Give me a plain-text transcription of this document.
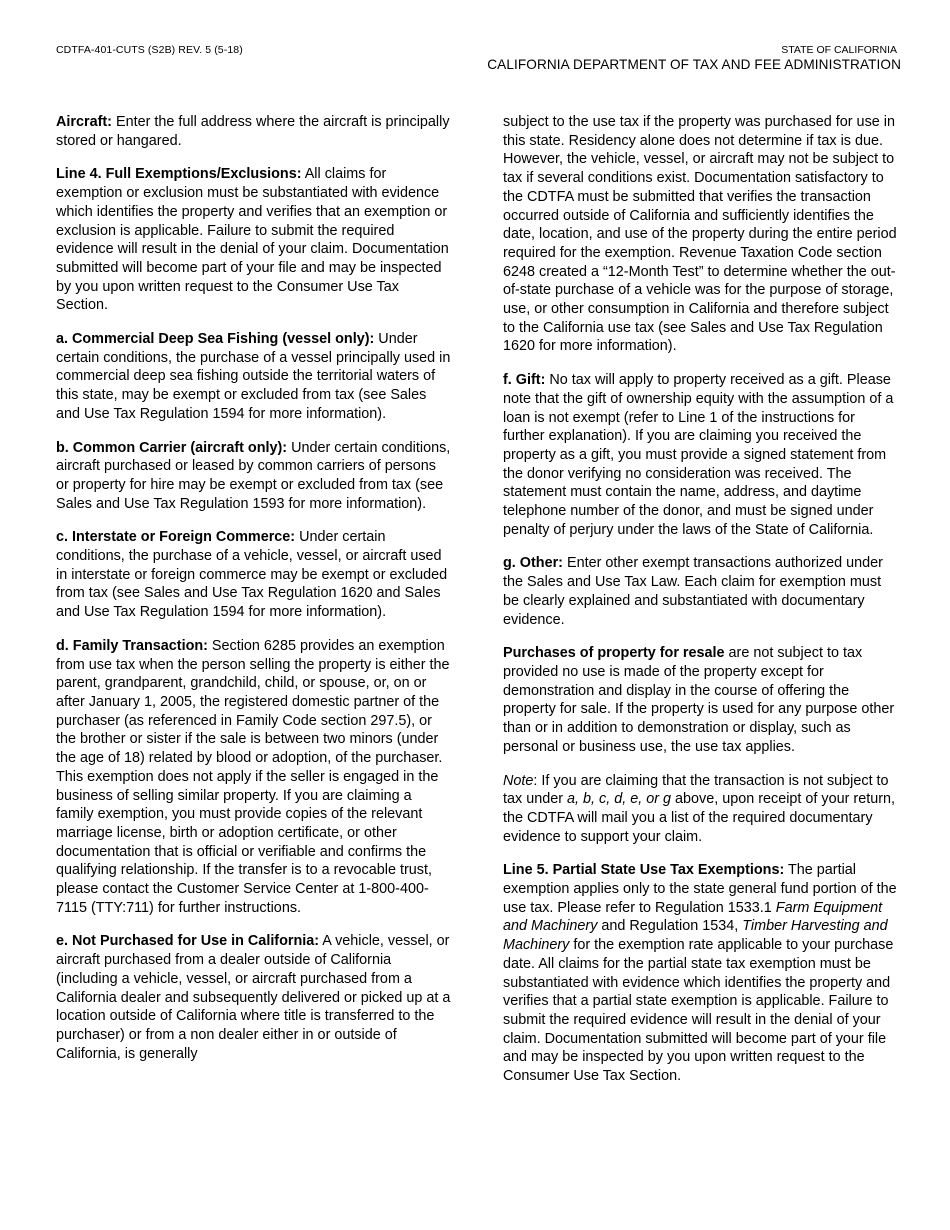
CDTFA-401-CUTS (S2B) REV. 5 (5-18)	STATE OF CALIFORNIA
CALIFORNIA DEPARTMENT OF TAX AND FEE ADMINISTRATION

Aircraft: Enter the full address where the aircraft is principally stored or hangared.

Line 4. Full Exemptions/Exclusions: All claims for exemption or exclusion must be substantiated with evidence which identifies the property and verifies that an exemption or exclusion is applicable. Failure to submit the required evidence will result in the denial of your claim. Documentation submitted will become part of your file and may be inspected by you upon written request to the Consumer Use Tax Section.

a. Commercial Deep Sea Fishing (vessel only): Under certain conditions, the purchase of a vessel principally used in commercial deep sea fishing outside the territorial waters of this state, may be exempt or excluded from tax (see Sales and Use Tax Regulation 1594 for more information).

b. Common Carrier (aircraft only): Under certain conditions, aircraft purchased or leased by common carriers of persons or property for hire may be exempt or excluded from tax (see Sales and Use Tax Regulation 1593 for more information).

c. Interstate or Foreign Commerce: Under certain conditions, the purchase of a vehicle, vessel, or aircraft used in interstate or foreign commerce may be exempt or excluded from tax (see Sales and Use Tax Regulation 1620 and Sales and Use Tax Regulation 1594 for more information).

d. Family Transaction: Section 6285 provides an exemption from use tax when the person selling the property is either the parent, grandparent, grandchild, child, or spouse, or, on or after January 1, 2005, the registered domestic partner of the purchaser (as referenced in Family Code section 297.5), or the brother or sister if the sale is between two minors (under the age of 18) related by blood or adoption, of the purchaser. This exemption does not apply if the seller is engaged in the business of selling similar property. If you are claiming a family exemption, you must provide copies of the relevant marriage license, birth or adoption certificate, or other documentation that is official or verifiable and confirms the qualifying relationship. If the transfer is to a revocable trust, please contact the Customer Service Center at 1-800-400-7115 (TTY:711) for further instructions.

e. Not Purchased for Use in California: A vehicle, vessel, or aircraft purchased from a dealer outside of California (including a vehicle, vessel, or aircraft purchased from a California dealer and subsequently delivered or picked up at a location outside of California where title is transferred to the purchaser) or from a non dealer either in or outside of California, is generally

subject to the use tax if the property was purchased for use in this state. Residency alone does not determine if tax is due. However, the vehicle, vessel, or aircraft may not be subject to tax if several conditions exist. Documentation satisfactory to the CDTFA must be submitted that verifies the transaction occurred outside of California and sufficiently identifies the date, location, and use of the property during the entire period required for the exemption. Revenue Taxation Code section 6248 created a “12-Month Test” to determine whether the out-of-state purchase of a vehicle was for the purpose of storage, use, or other consumption in California and therefore subject to the California use tax (see Sales and Use Tax Regulation 1620 for more information).

f. Gift: No tax will apply to property received as a gift. Please note that the gift of ownership equity with the assumption of a loan is not exempt (refer to Line 1 of the instructions for further explanation). If you are claiming you received the property as a gift, you must provide a signed statement from the donor verifying no consideration was received. The statement must contain the name, address, and daytime telephone number of the donor, and must be signed under penalty of perjury under the laws of the State of California.

g. Other: Enter other exempt transactions authorized under the Sales and Use Tax Law. Each claim for exemption must be clearly explained and substantiated with documentary evidence.

Purchases of property for resale are not subject to tax provided no use is made of the property except for demonstration and display in the course of offering the property for sale. If the property is used for any purpose other than or in addition to demonstration or display, such as personal or business use, the use tax applies.

Note: If you are claiming that the transaction is not subject to tax under a, b, c, d, e, or g above, upon receipt of your return, the CDTFA will mail you a list of the required documentary evidence to support your claim.

Line 5. Partial State Use Tax Exemptions: The partial exemption applies only to the state general fund portion of the use tax. Please refer to Regulation 1533.1 Farm Equipment and Machinery and Regulation 1534, Timber Harvesting and Machinery for the exemption rate applicable to your purchase date. All claims for the partial state tax exemption must be substantiated with evidence which identifies the property and verifies that a partial state exemption is applicable. Failure to submit the required evidence will result in the denial of your claim. Documentation submitted will become part of your file and may be inspected by you upon written request to the Consumer Use Tax Section.
